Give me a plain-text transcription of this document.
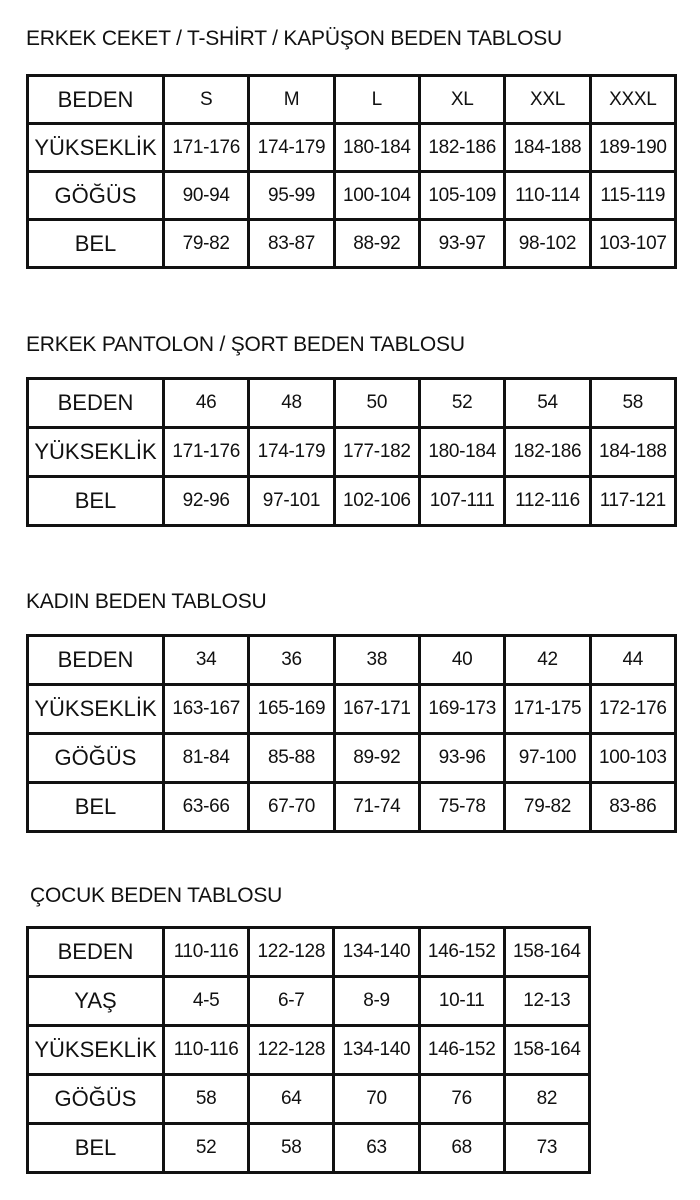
ERKEK CEKET / T-SHİRT / KAPÜŞON BEDEN TABLOSU
BEDEN	S	M	L	XL	XXL	XXXL
YÜKSEKLİK	171-176	174-179	180-184	182-186	184-188	189-190
GÖĞÜS	90-94	95-99	100-104	105-109	110-114	115-119
BEL	79-82	83-87	88-92	93-97	98-102	103-107
ERKEK PANTOLON / ŞORT BEDEN TABLOSU
BEDEN	46	48	50	52	54	58
YÜKSEKLİK	171-176	174-179	177-182	180-184	182-186	184-188
BEL	92-96	97-101	102-106	107-111	112-116	117-121
KADIN BEDEN TABLOSU
BEDEN	34	36	38	40	42	44
YÜKSEKLİK	163-167	165-169	167-171	169-173	171-175	172-176
GÖĞÜS	81-84	85-88	89-92	93-96	97-100	100-103
BEL	63-66	67-70	71-74	75-78	79-82	83-86
ÇOCUK BEDEN TABLOSU
BEDEN	110-116	122-128	134-140	146-152	158-164
YAŞ	4-5	6-7	8-9	10-11	12-13
YÜKSEKLİK	110-116	122-128	134-140	146-152	158-164
GÖĞÜS	58	64	70	76	82
BEL	52	58	63	68	73
